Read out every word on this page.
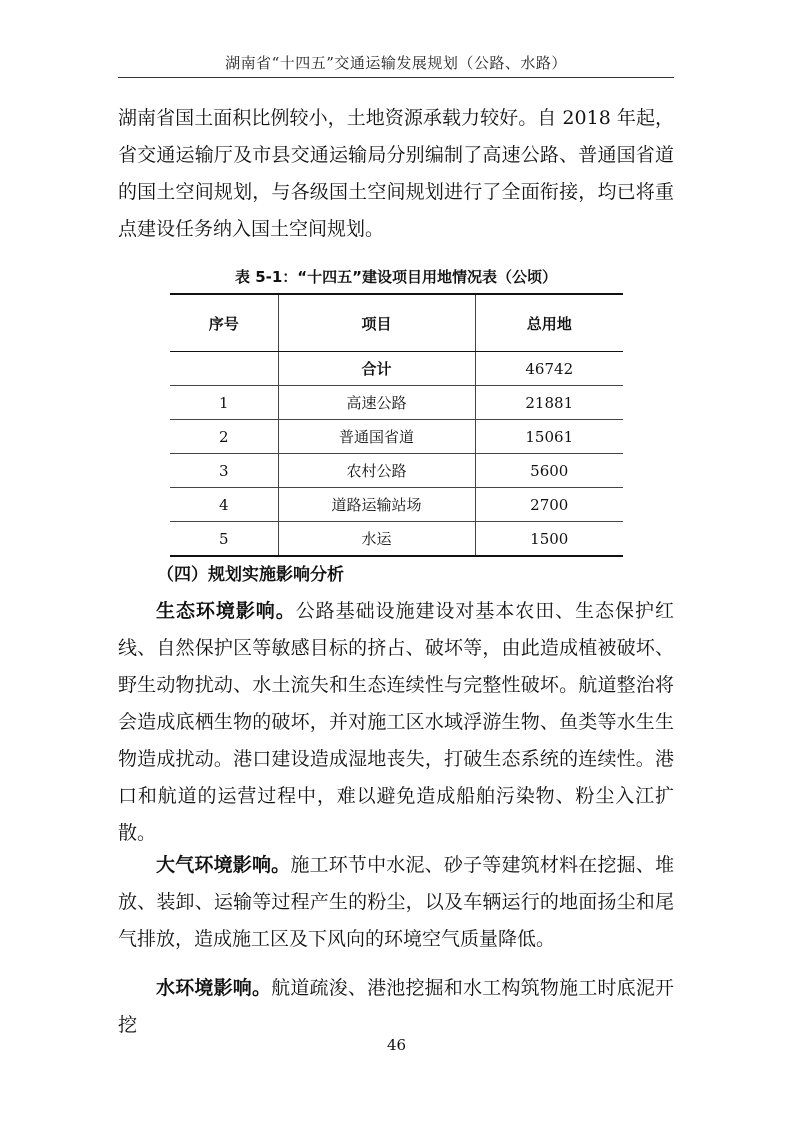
湖南省“十四五”交通运输发展规划（公路、水路）

湖南省国土面积比例较小，土地资源承载力较好。自 2018 年起，省交通运输厅及市县交通运输局分别编制了高速公路、普通国省道的国土空间规划，与各级国土空间规划进行了全面衔接，均已将重点建设任务纳入国土空间规划。

表 5-1：“十四五”建设项目用地情况表（公顷）
序号	项目	总用地
	合计	46742
1	高速公路	21881
2	普通国省道	15061
3	农村公路	5600
4	道路运输站场	2700
5	水运	1500
（四）规划实施影响分析

生态环境影响。公路基础设施建设对基本农田、生态保护红线、自然保护区等敏感目标的挤占、破坏等，由此造成植被破坏、野生动物扰动、水土流失和生态连续性与完整性破坏。航道整治将会造成底栖生物的破坏，并对施工区水域浮游生物、鱼类等水生生物造成扰动。港口建设造成湿地丧失，打破生态系统的连续性。港口和航道的运营过程中，难以避免造成船舶污染物、粉尘入江扩散。

大气环境影响。施工环节中水泥、砂子等建筑材料在挖掘、堆放、装卸、运输等过程产生的粉尘，以及车辆运行的地面扬尘和尾气排放，造成施工区及下风向的环境空气质量降低。

水环境影响。航道疏浚、港池挖掘和水工构筑物施工时底泥开挖

46
